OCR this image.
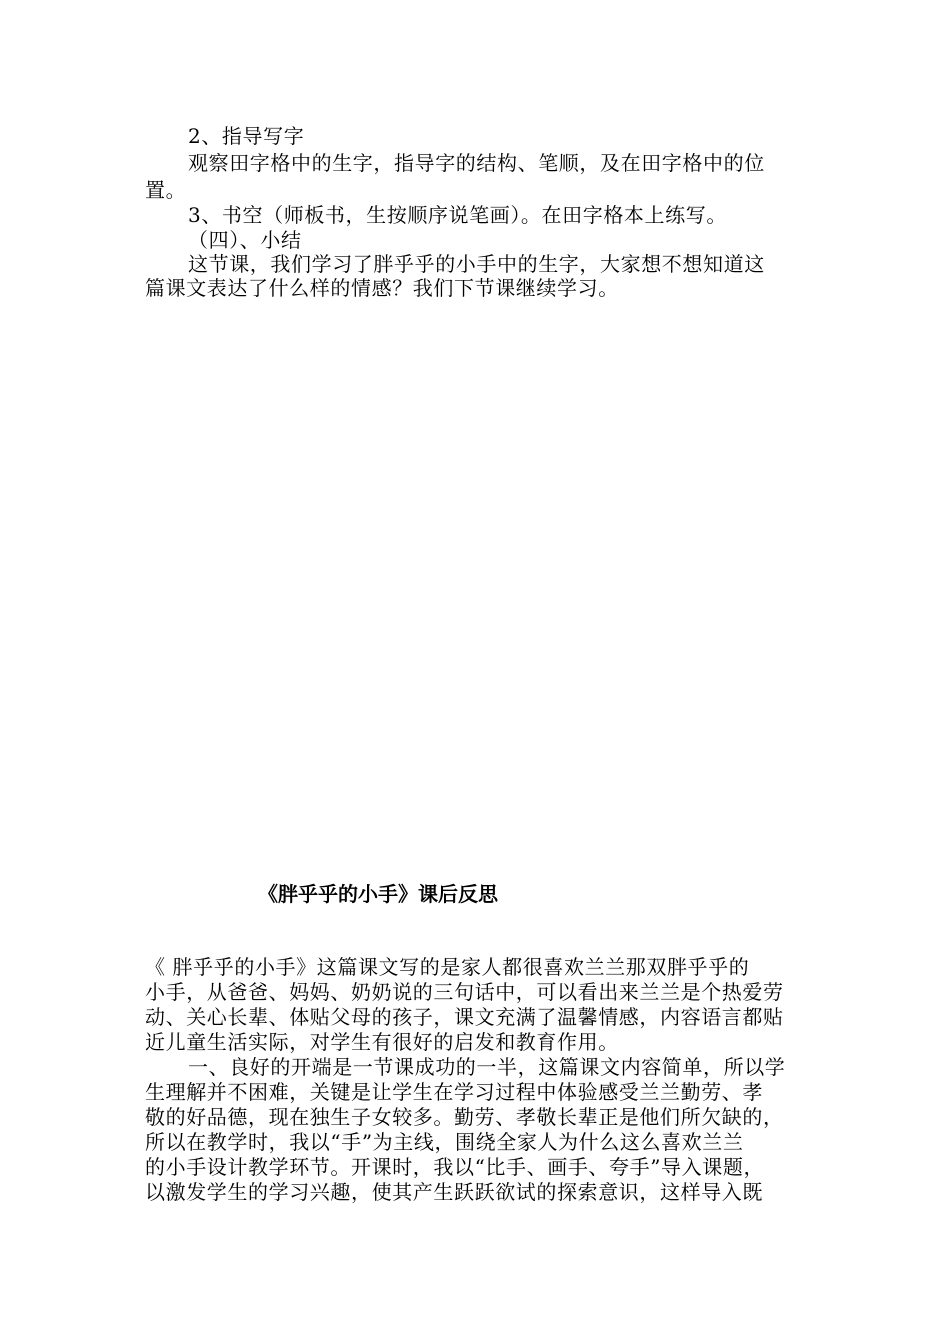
2、指导写字
观察田字格中的生字，指导字的结构、笔顺，及在田字格中的位
置。
3、书空（师板书，生按顺序说笔画）。在田字格本上练写。
（四）、小结
这节课，我们学习了胖乎乎的小手中的生字，大家想不想知道这
篇课文表达了什么样的情感？我们下节课继续学习。
《胖乎乎的小手》课后反思
《 胖乎乎的小手》这篇课文写的是家人都很喜欢兰兰那双胖乎乎的
小手，从爸爸、妈妈、奶奶说的三句话中，可以看出来兰兰是个热爱劳
动、关心长辈、体贴父母的孩子，课文充满了温馨情感，内容语言都贴
近儿童生活实际，对学生有很好的启发和教育作用。
一、良好的开端是一节课成功的一半，这篇课文内容简单，所以学
生理解并不困难，关键是让学生在学习过程中体验感受兰兰勤劳、孝
敬的好品德，现在独生子女较多。勤劳、孝敬长辈正是他们所欠缺的，
所以在教学时，我以“手”为主线，围绕全家人为什么这么喜欢兰兰
的小手设计教学环节。开课时，我以“比手、画手、夸手”导入课题，
以激发学生的学习兴趣，使其产生跃跃欲试的探索意识，这样导入既
